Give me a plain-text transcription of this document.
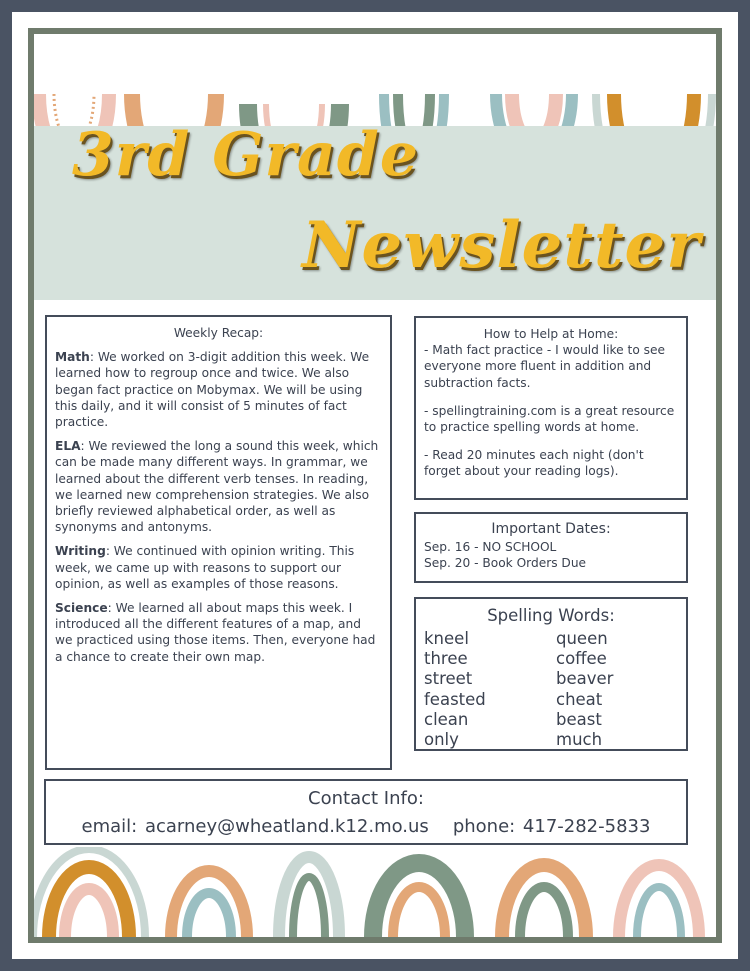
3rd Grade
Newsletter
Weekly Recap:

Math: We worked on 3-digit addition this week. We learned how to regroup once and twice. We also began fact practice on Mobymax. We will be using this daily, and it will consist of 5 minutes of fact practice.

ELA: We reviewed the long a sound this week, which can be made many different ways. In grammar, we learned about the different verb tenses. In reading, we learned new comprehension strategies. We also briefly reviewed alphabetical order, as well as synonyms and antonyms.

Writing: We continued with opinion writing. This week, we came up with reasons to support our opinion, as well as examples of those reasons.

Science: We learned all about maps this week. I introduced all the different features of a map, and we practiced using those items. Then, everyone had a chance to create their own map.

How to Help at Home:

- Math fact practice - I would like to see everyone more fluent in addition and subtraction facts.

- spellingtraining.com is a great resource to practice spelling words at home.

- Read 20 minutes each night (don't forget about your reading logs).

Important Dates:
Sep. 16 - NO SCHOOL
Sep. 20 - Book Orders Due
Spelling Words:
kneel	queen
three	coffee
street	beaver
feasted	cheat
clean	beast
only	much
Contact Info:
email: acarney@wheatland.k12.mo.us phone: 417-282-5833
